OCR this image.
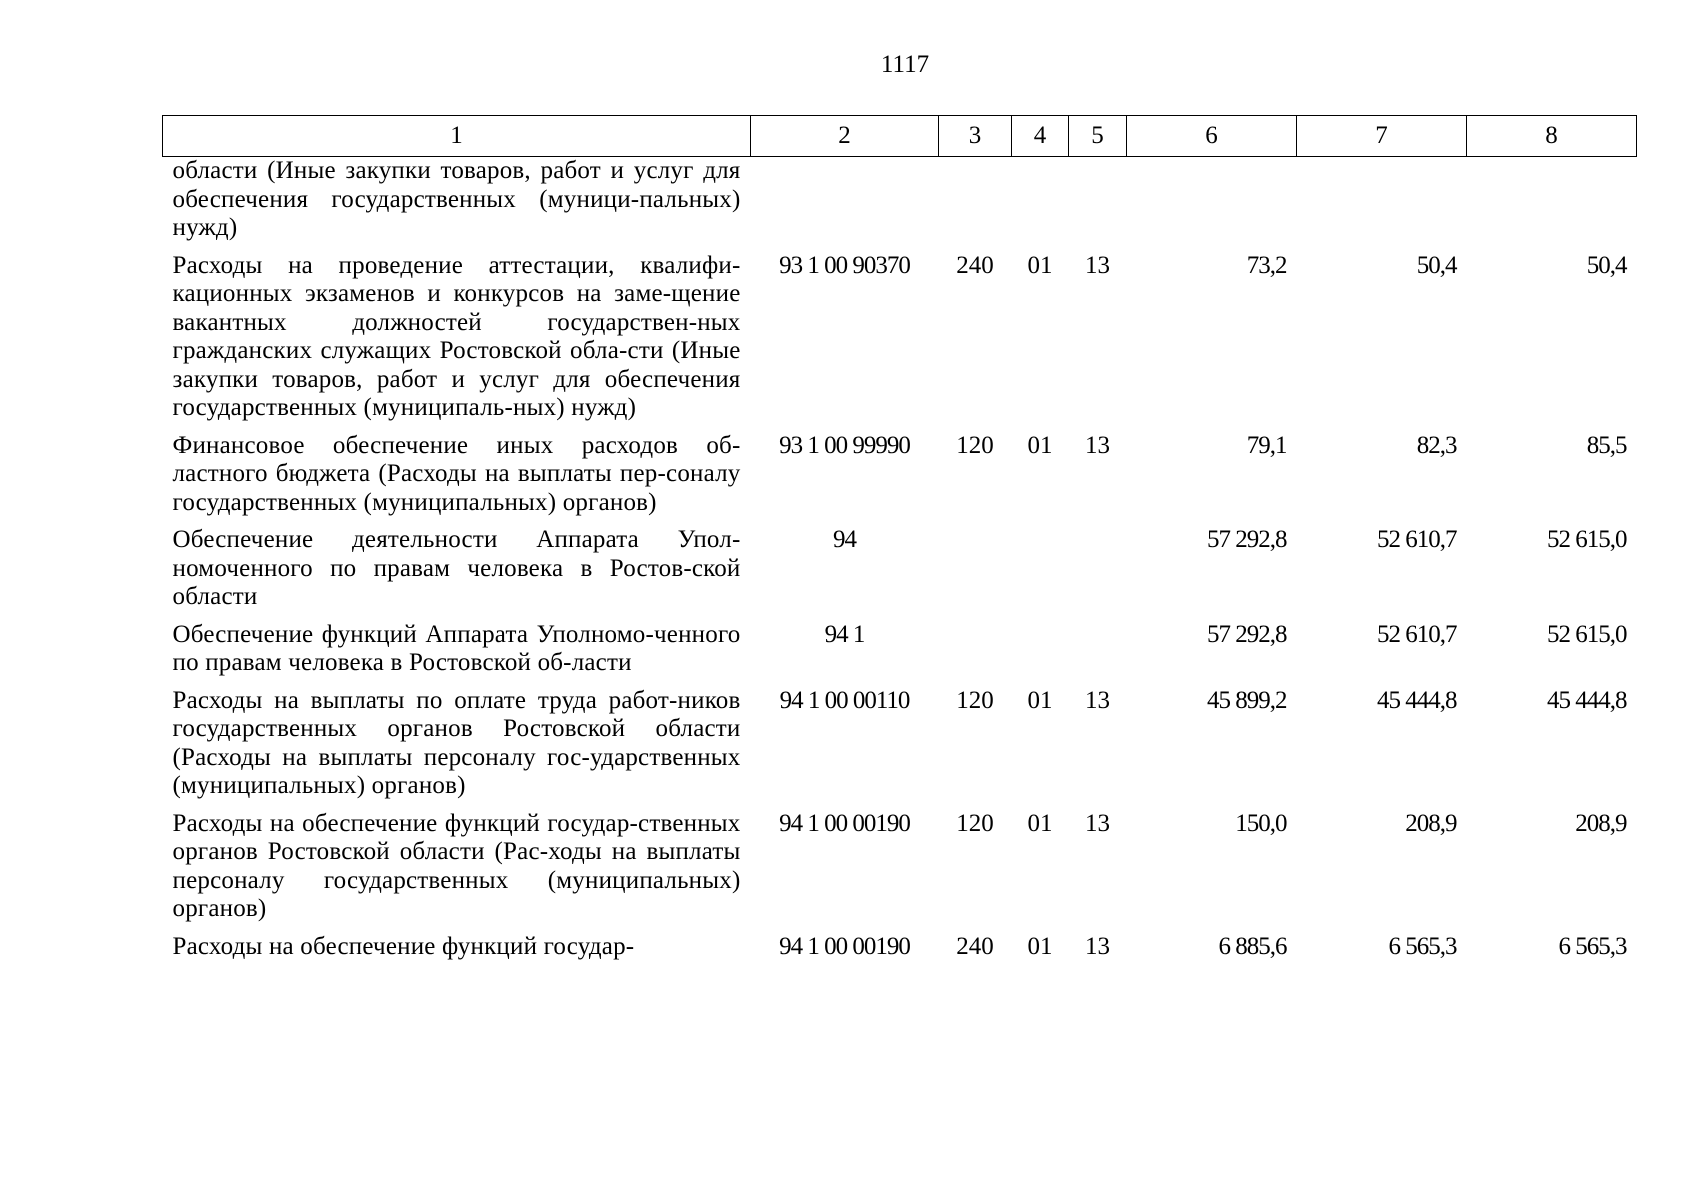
1117
1	2	3	4	5	6	7	8
области (Иные закупки товаров, работ и услуг для обеспечения государственных (муници-пальных) нужд)							
Расходы на проведение аттестации, квалифи-кационных экзаменов и конкурсов на заме-щение вакантных должностей государствен-ных гражданских служащих Ростовской обла-сти (Иные закупки товаров, работ и услуг для обеспечения государственных (муниципаль-ных) нужд)	93 1 00 90370	240	01	13	73,2	50,4	50,4
Финансовое обеспечение иных расходов об-ластного бюджета (Расходы на выплаты пер-соналу государственных (муниципальных) органов)	93 1 00 99990	120	01	13	79,1	82,3	85,5
Обеспечение деятельности Аппарата Упол-номоченного по правам человека в Ростов-ской области	94				57 292,8	52 610,7	52 615,0
Обеспечение функций Аппарата Уполномо-ченного по правам человека в Ростовской об-ласти	94 1				57 292,8	52 610,7	52 615,0
Расходы на выплаты по оплате труда работ-ников государственных органов Ростовской области (Расходы на выплаты персоналу гос-ударственных (муниципальных) органов)	94 1 00 00110	120	01	13	45 899,2	45 444,8	45 444,8
Расходы на обеспечение функций государ-ственных органов Ростовской области (Рас-ходы на выплаты персоналу государственных (муниципальных) органов)	94 1 00 00190	120	01	13	150,0	208,9	208,9
Расходы на обеспечение функций государ-	94 1 00 00190	240	01	13	6 885,6	6 565,3	6 565,3
